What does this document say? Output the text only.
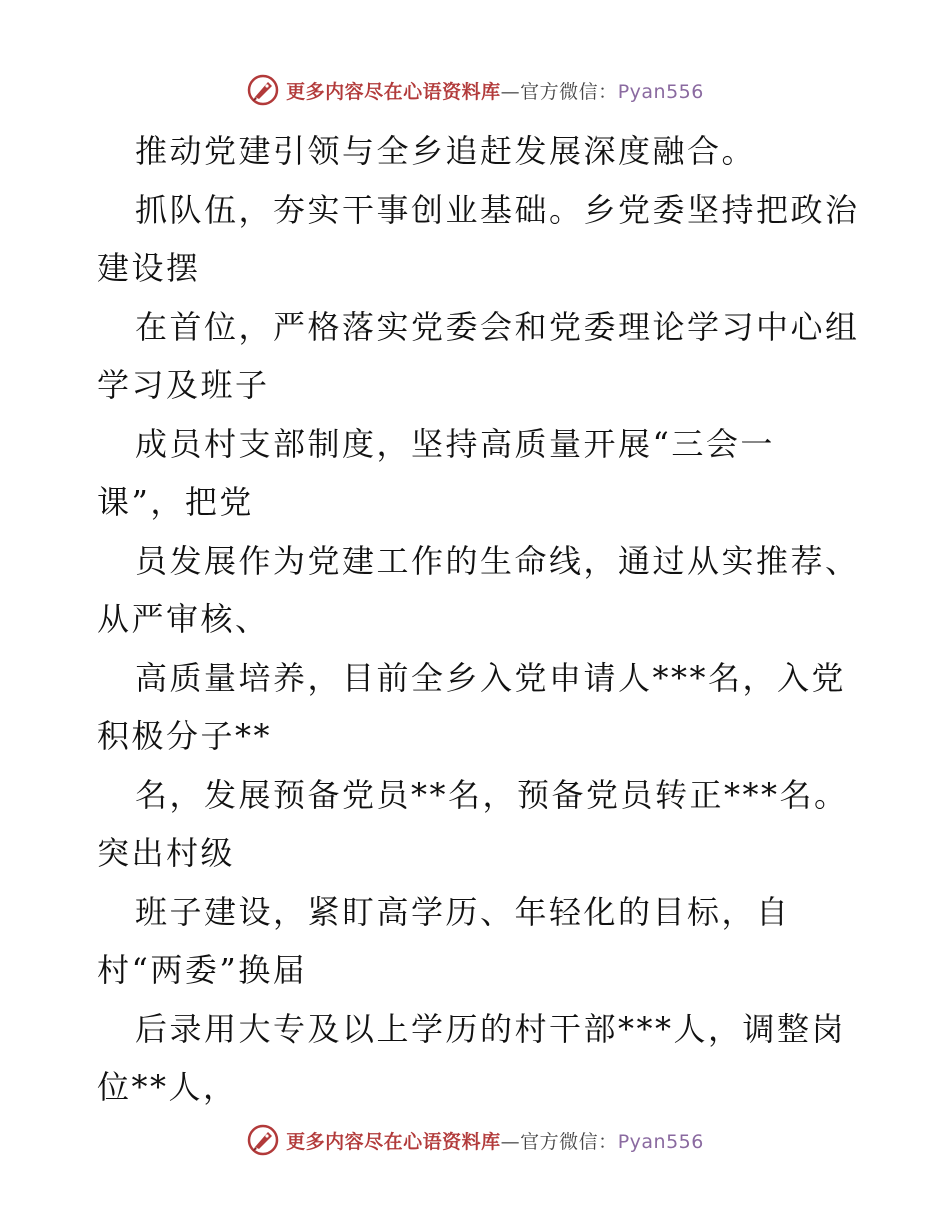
更多内容尽在心语资料库—官方微信：Pyan556
推动党建引领与全乡追赶发展深度融合。
抓队伍，夯实干事创业基础。乡党委坚持把政治
建设摆
在首位，严格落实党委会和党委理论学习中心组
学习及班子
成员村支部制度，坚持高质量开展“三会一
课”，把党
员发展作为党建工作的生命线，通过从实推荐、
从严审核、
高质量培养，目前全乡入党申请人***名，入党
积极分子**
名，发展预备党员**名，预备党员转正***名。
突出村级
班子建设，紧盯高学历、年轻化的目标，自
村“两委”换届
后录用大专及以上学历的村干部***人，调整岗
位**人，
更多内容尽在心语资料库—官方微信：Pyan556
